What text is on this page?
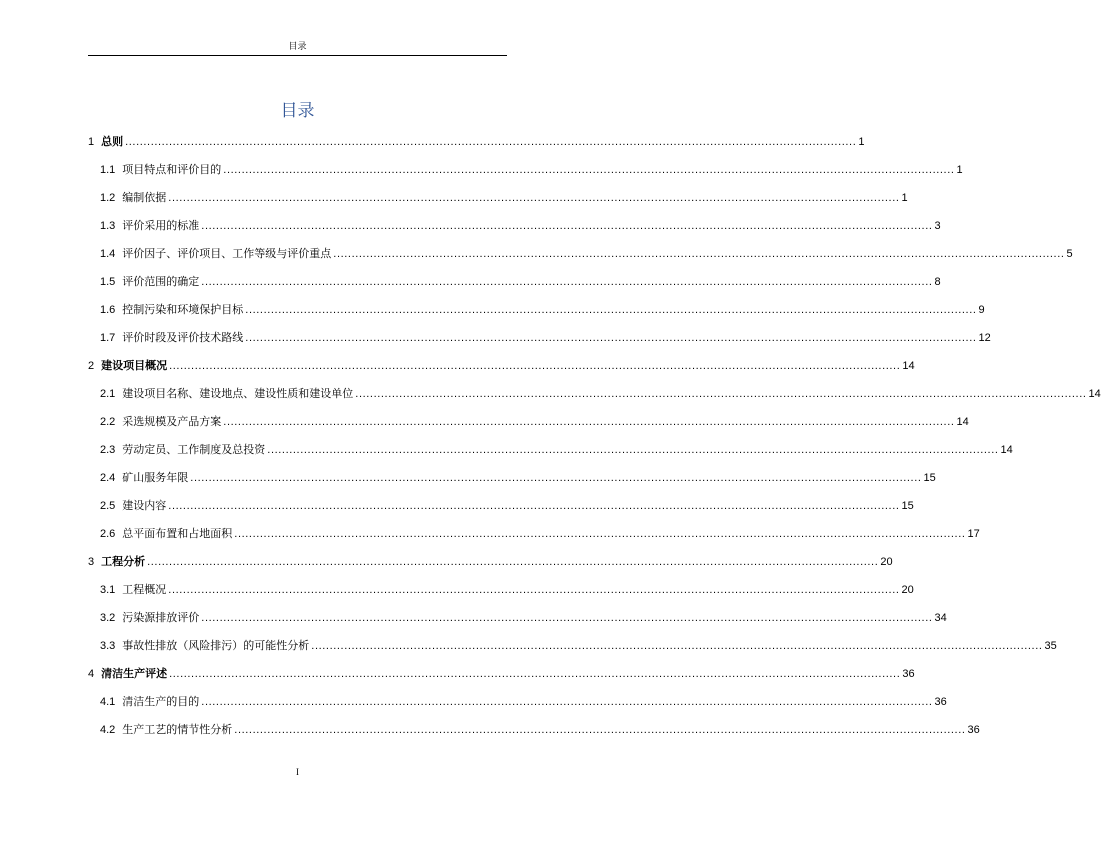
目录
目录
1 总则 ........................................................................................................................................................................................................ 1
1.1 项目特点和评价目的 ........................................................................................................................................................................................................ 1
1.2 编制依据 ........................................................................................................................................................................................................ 1
1.3 评价采用的标准 ........................................................................................................................................................................................................ 3
1.4 评价因子、评价项目、工作等级与评价重点 ........................................................................................................................................................................................................ 5
1.5 评价范围的确定 ........................................................................................................................................................................................................ 8
1.6 控制污染和环境保护目标 ........................................................................................................................................................................................................ 9
1.7 评价时段及评价技术路线 ........................................................................................................................................................................................................ 12
2 建设项目概况 ........................................................................................................................................................................................................ 14
2.1 建设项目名称、建设地点、建设性质和建设单位 ........................................................................................................................................................................................................ 14
2.2 采选规模及产品方案 ........................................................................................................................................................................................................ 14
2.3 劳动定员、工作制度及总投资 ........................................................................................................................................................................................................ 14
2.4 矿山服务年限 ........................................................................................................................................................................................................ 15
2.5 建设内容 ........................................................................................................................................................................................................ 15
2.6 总平面布置和占地面积 ........................................................................................................................................................................................................ 17
3 工程分析 ........................................................................................................................................................................................................ 20
3.1 工程概况 ........................................................................................................................................................................................................ 20
3.2 污染源排放评价 ........................................................................................................................................................................................................ 34
3.3 事故性排放（风险排污）的可能性分析 ........................................................................................................................................................................................................ 35
4 清洁生产评述 ........................................................................................................................................................................................................ 36
4.1 清洁生产的目的 ........................................................................................................................................................................................................ 36
4.2 生产工艺的情节性分析 ........................................................................................................................................................................................................ 36
I
